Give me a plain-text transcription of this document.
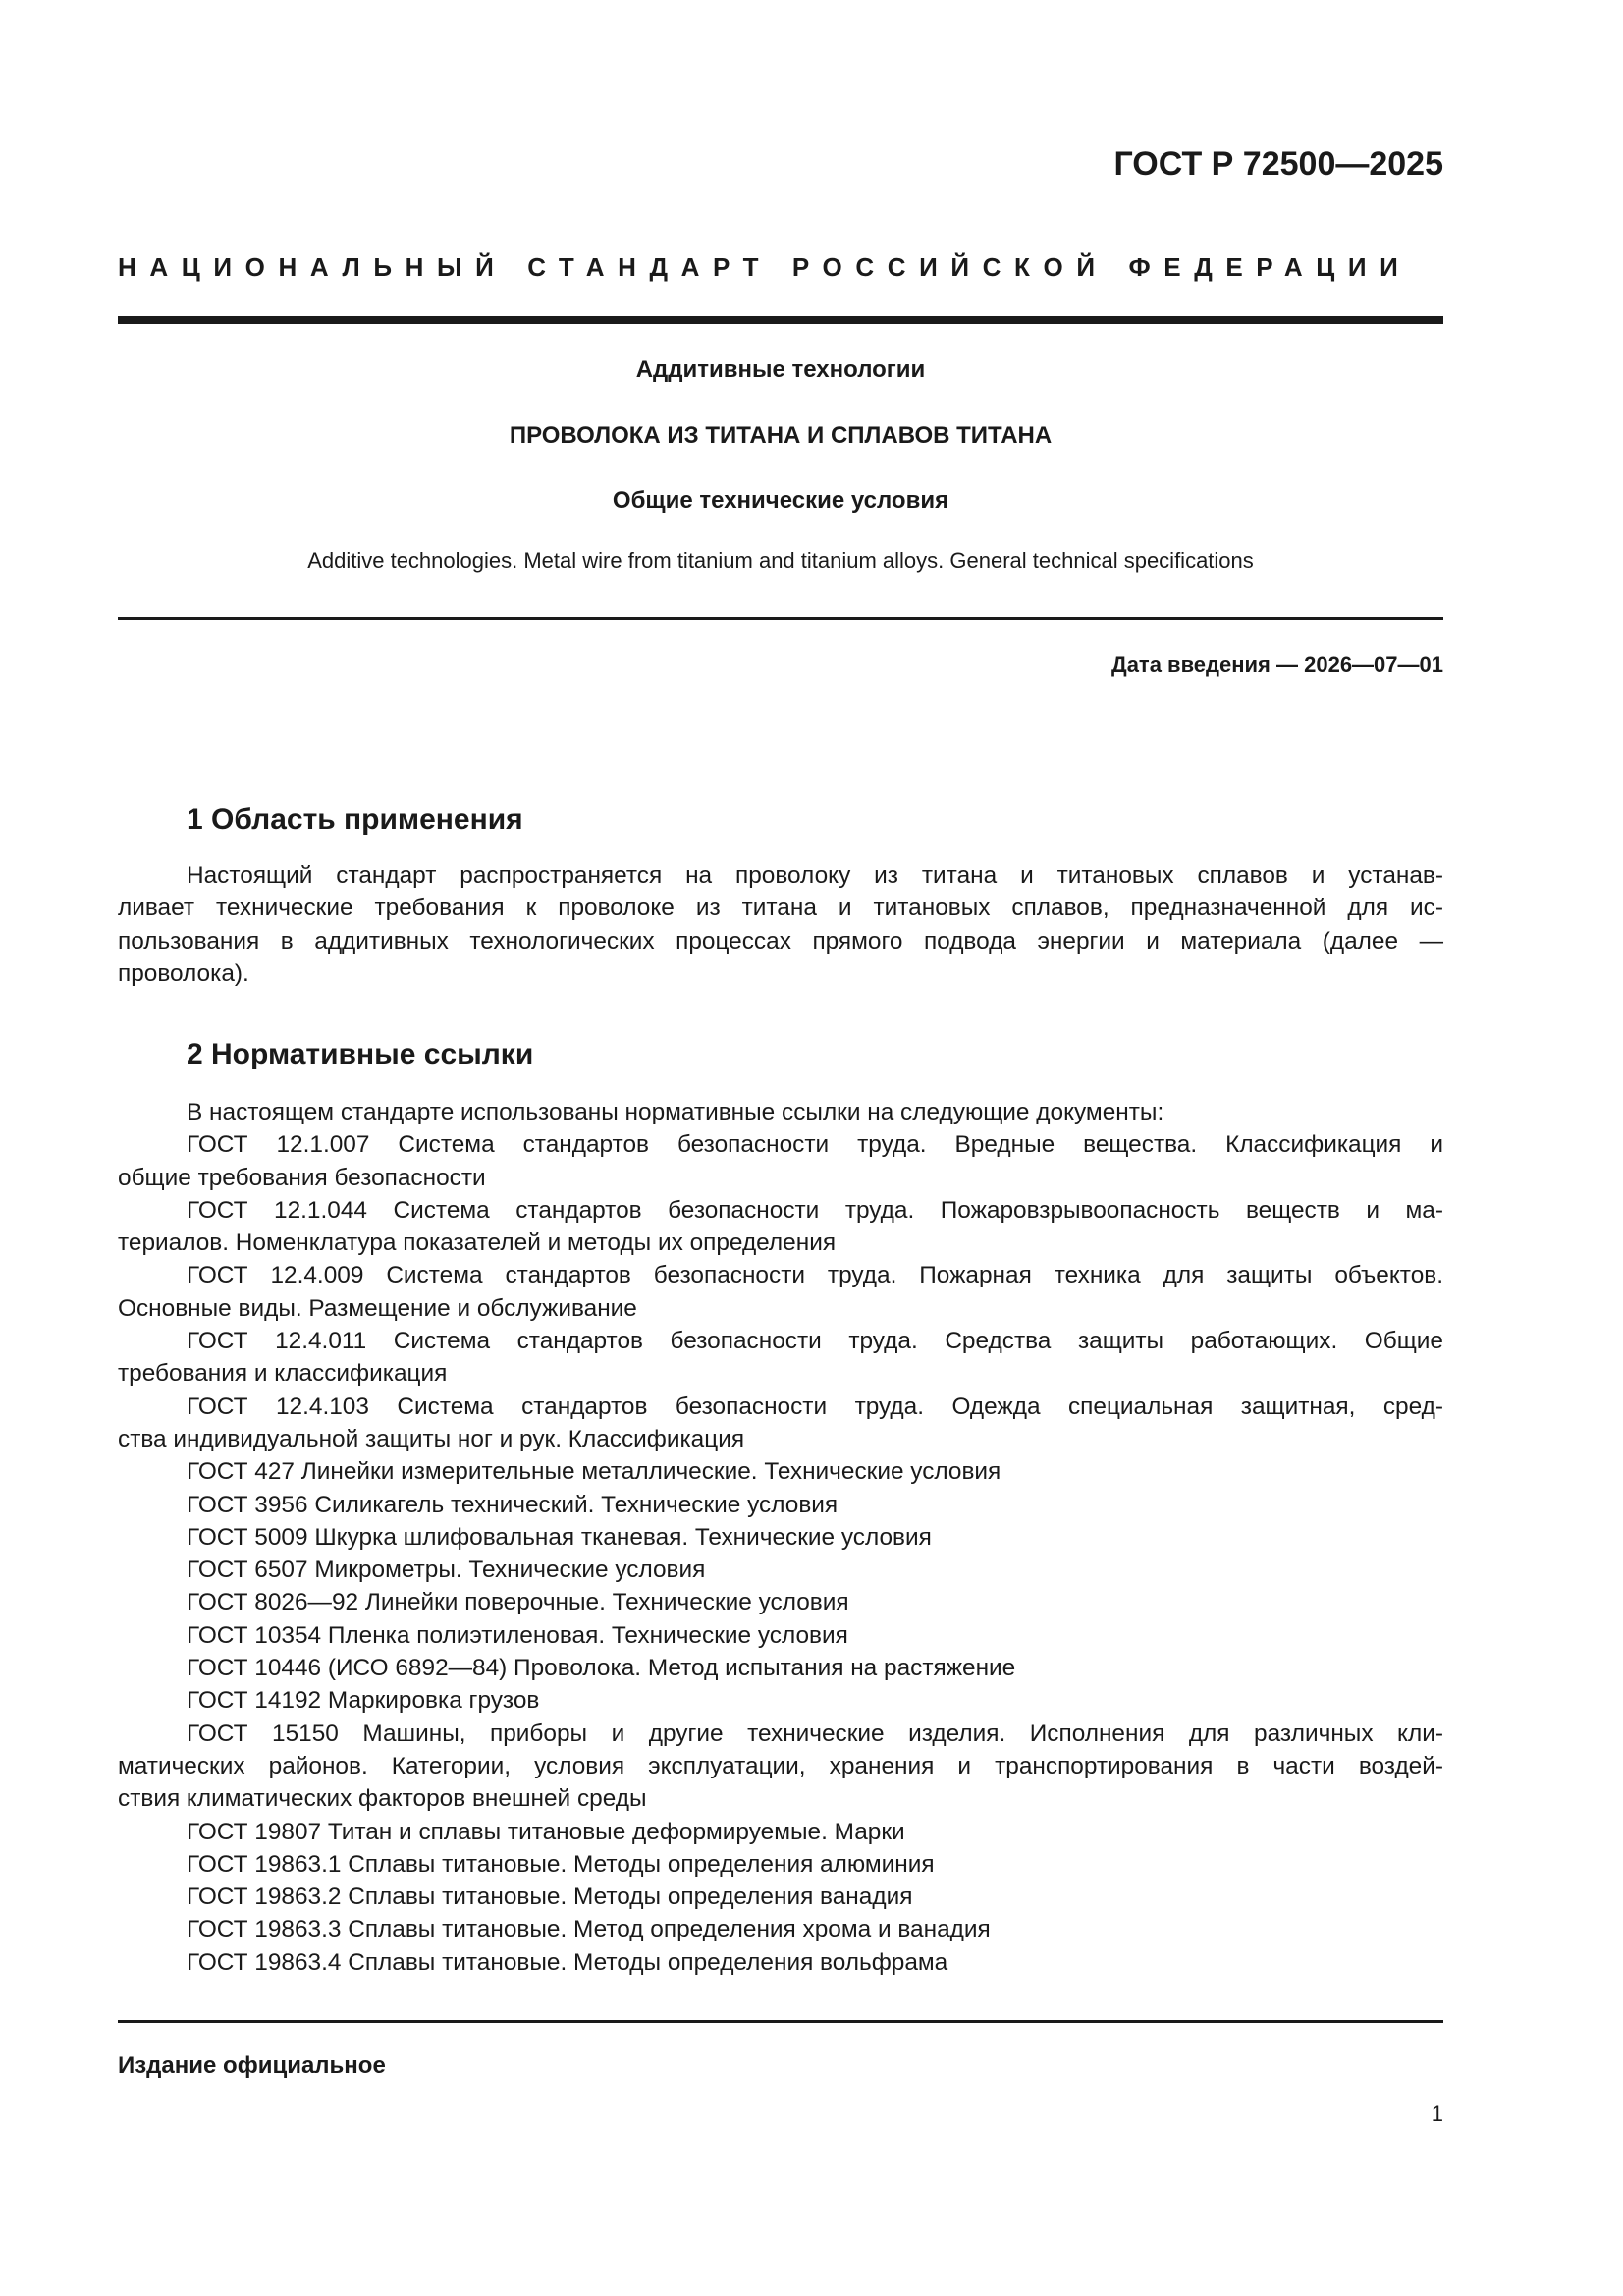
ГОСТ Р 72500—2025
НАЦИОНАЛЬНЫЙ СТАНДАРТ РОССИЙСКОЙ ФЕДЕРАЦИИ
Аддитивные технологии
ПРОВОЛОКА ИЗ ТИТАНА И СПЛАВОВ ТИТАНА
Общие технические условия
Additive technologies. Metal wire from titanium and titanium alloys. General technical specifications
Дата введения — 2026—07—01
1 Область применения

Настоящий стандарт распространяется на проволоку из титана и титановых сплавов и устанав-

ливает технические требования к проволоке из титана и титановых сплавов, предназначенной для ис-

пользования в аддитивных технологических процессах прямого подвода энергии и материала (далее —

проволока).

2 Нормативные ссылки

В настоящем стандарте использованы нормативные ссылки на следующие документы:

ГОСТ 12.1.007 Система стандартов безопасности труда. Вредные вещества. Классификация и

общие требования безопасности

ГОСТ 12.1.044 Система стандартов безопасности труда. Пожаровзрывоопасность веществ и ма-

териалов. Номенклатура показателей и методы их определения

ГОСТ 12.4.009 Система стандартов безопасности труда. Пожарная техника для защиты объектов.

Основные виды. Размещение и обслуживание

ГОСТ 12.4.011 Система стандартов безопасности труда. Средства защиты работающих. Общие

требования и классификация

ГОСТ 12.4.103 Система стандартов безопасности труда. Одежда специальная защитная, сред-

ства индивидуальной защиты ног и рук. Классификация

ГОСТ 427 Линейки измерительные металлические. Технические условия

ГОСТ 3956 Силикагель технический. Технические условия

ГОСТ 5009 Шкурка шлифовальная тканевая. Технические условия

ГОСТ 6507 Микрометры. Технические условия

ГОСТ 8026—92 Линейки поверочные. Технические условия

ГОСТ 10354 Пленка полиэтиленовая. Технические условия

ГОСТ 10446 (ИСО 6892—84) Проволока. Метод испытания на растяжение

ГОСТ 14192 Маркировка грузов

ГОСТ 15150 Машины, приборы и другие технические изделия. Исполнения для различных кли-

матических районов. Категории, условия эксплуатации, хранения и транспортирования в части воздей-

ствия климатических факторов внешней среды

ГОСТ 19807 Титан и сплавы титановые деформируемые. Марки

ГОСТ 19863.1 Сплавы титановые. Методы определения алюминия

ГОСТ 19863.2 Сплавы титановые. Методы определения ванадия

ГОСТ 19863.3 Сплавы титановые. Метод определения хрома и ванадия

ГОСТ 19863.4 Сплавы титановые. Методы определения вольфрама

Издание официальное
1
